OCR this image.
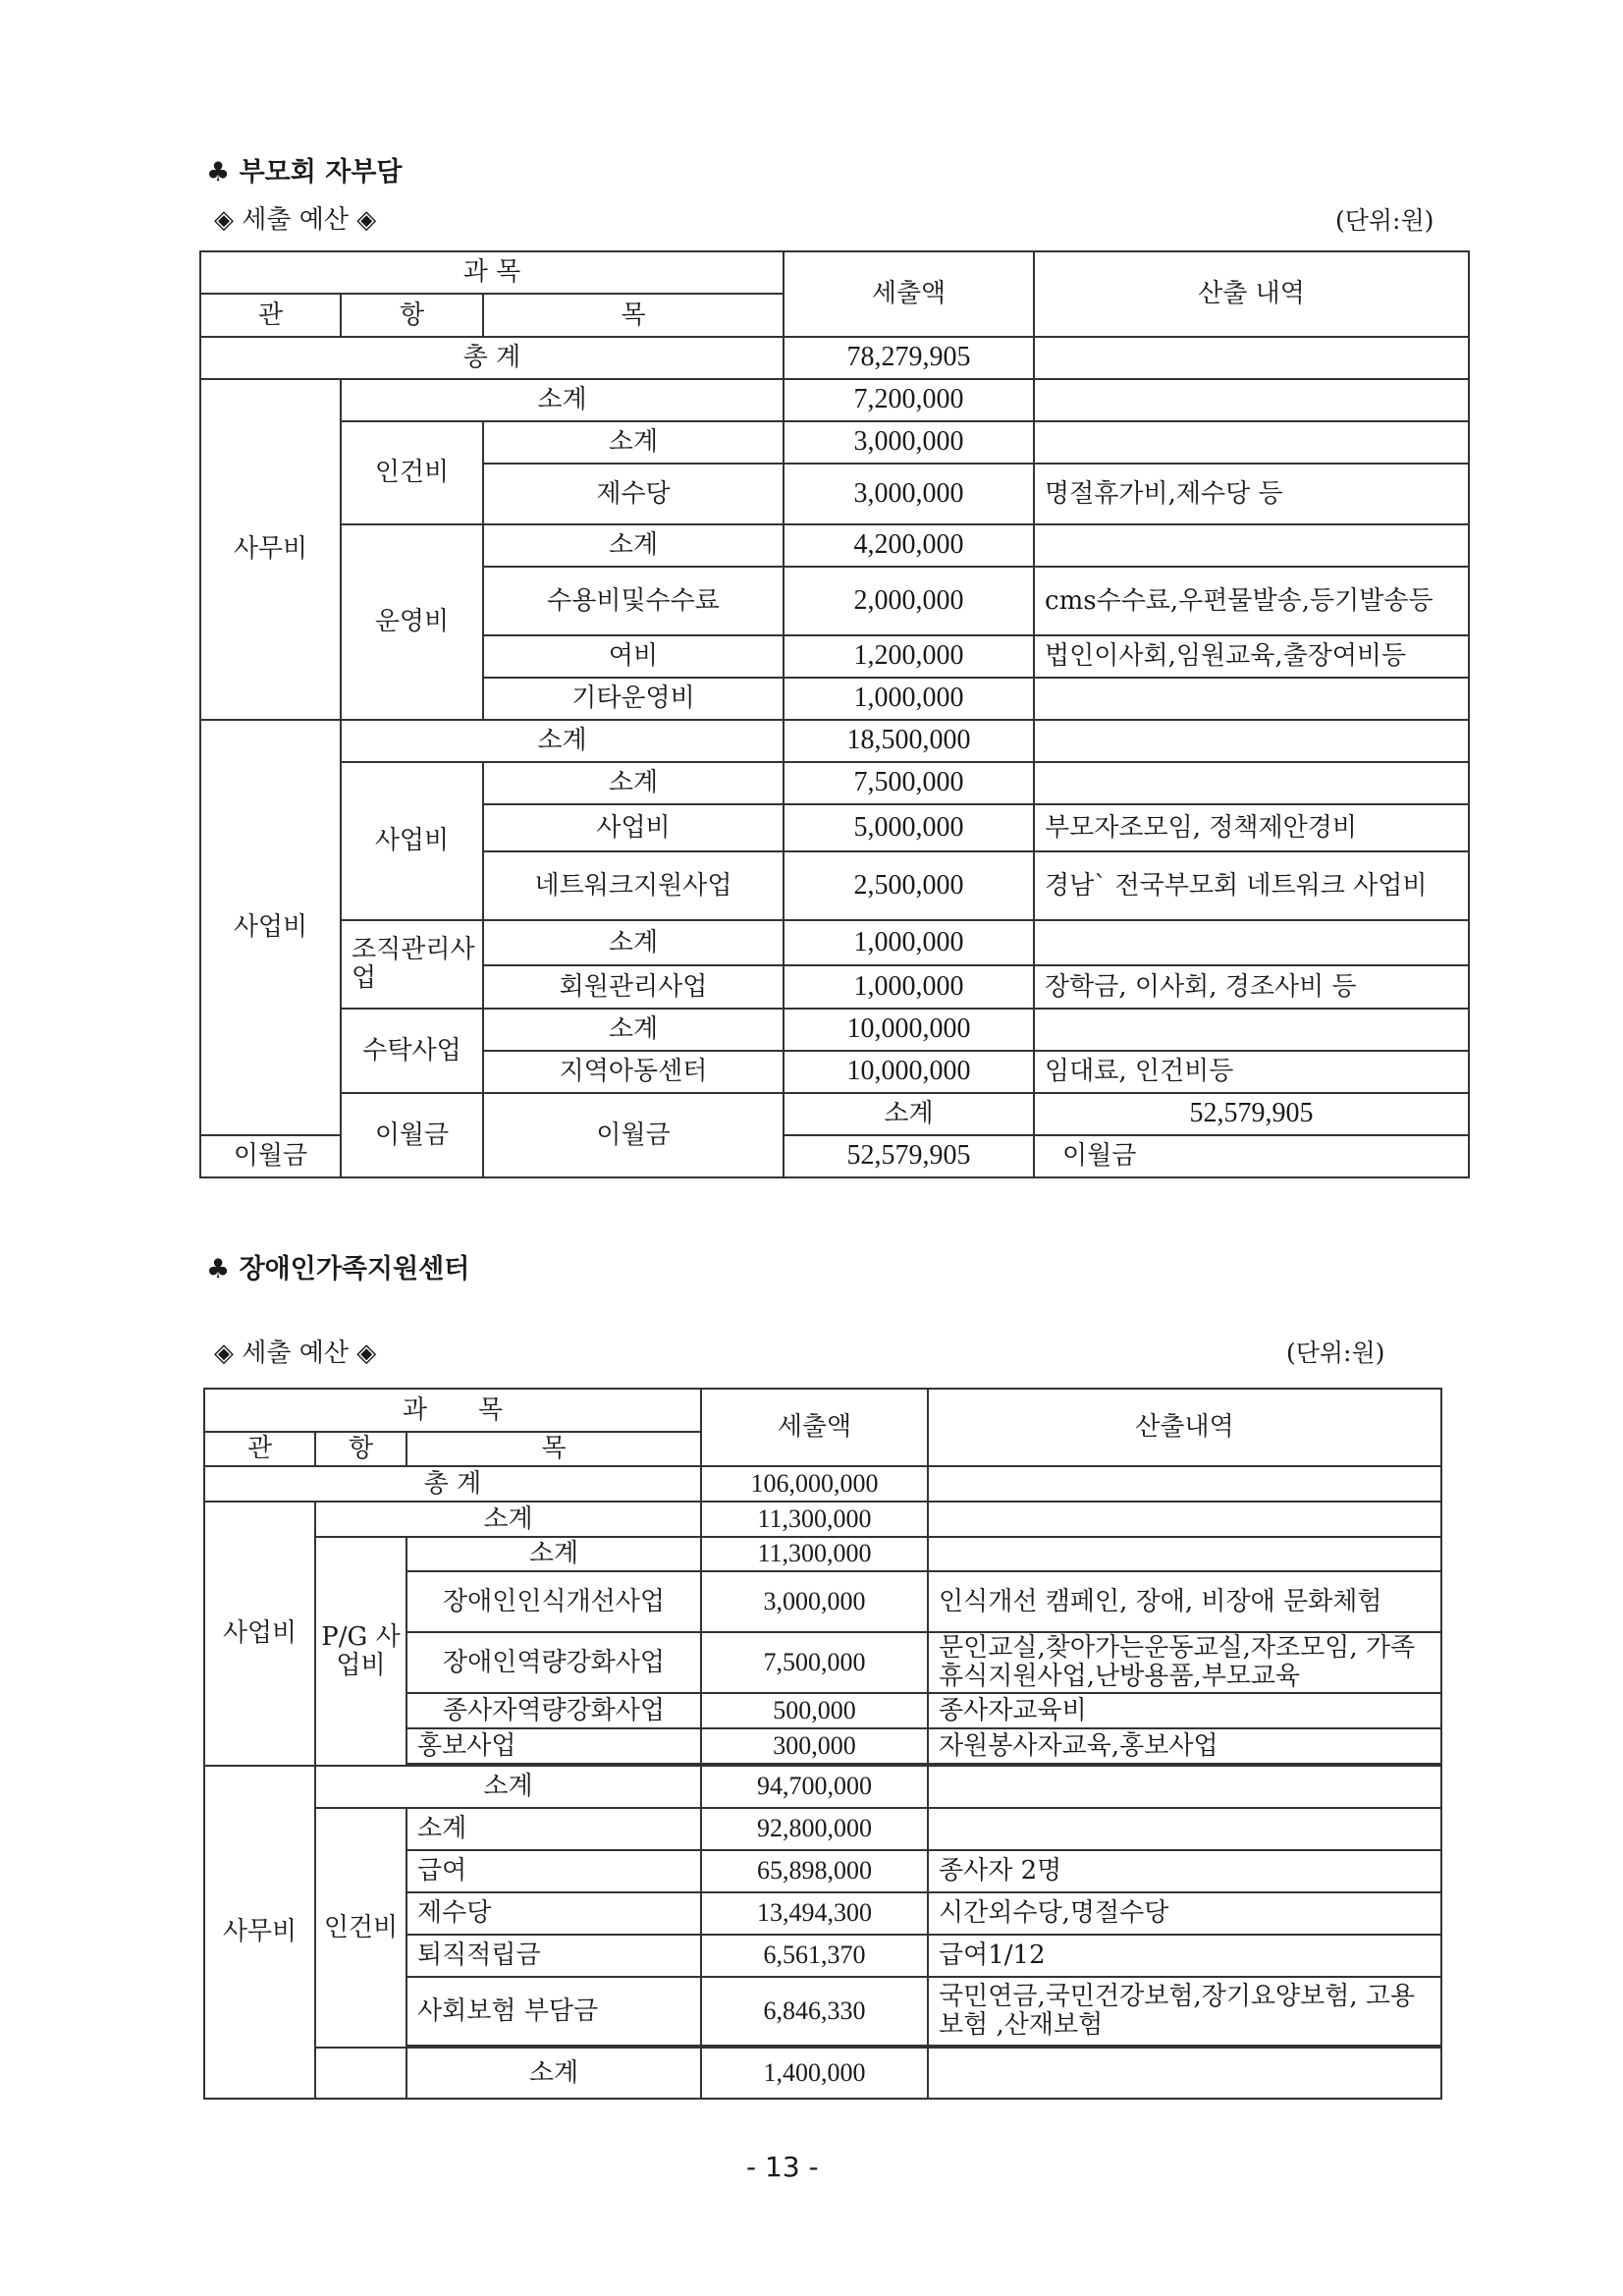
♣ 부모회 자부담
◈ 세출 예산 ◈	(단위:원)
과 목			세출액	산출 내역	
관	항	목			
총 계			78,279,905		
사무비	소계		7,200,000		
	인건비	소계	3,000,000		
		제수당	3,000,000	명절휴가비,제수당 등	
	운영비	소계	4,200,000		
		수용비및수수료	2,000,000	cms수수료,우편물발송,등기발송등	
		여비	1,200,000	법인이사회,임원교육,출장여비등	
		기타운영비	1,000,000		
사업비	소계		18,500,000		
	사업비	소계	7,500,000		
		사업비	5,000,000	부모자조모임, 정책제안경비	
		네트워크지원사업	2,500,000	경남` 전국부모회 네트워크 사업비	
	조직관리사업	소계	1,000,000		
		회원관리사업	1,000,000	장학금, 이사회, 경조사비 등	
	수탁사업	소계	10,000,000		
		지역아동센터	10,000,000	임대료, 인건비등	
	이월금	이월금	소계	52,579,905	
이월금			52,579,905	이월금	
♣ 장애인가족지원센터
◈ 세출 예산 ◈	(단위:원)
과　　목			세출액	산출내역
관	항	목		
총 계			106,000,000	
사업비	소계		11,300,000	
	P/G 사업비	소계	11,300,000	
		장애인인식개선사업	3,000,000	인식개선 캠페인, 장애, 비장애 문화체험
		장애인역량강화사업	7,500,000	문인교실,찾아가는운동교실,자조모임, 가족휴식지원사업,난방용품,부모교육
		종사자역량강화사업	500,000	종사자교육비
		홍보사업	300,000	자원봉사자교육,홍보사업

사무비	소계		94,700,000	
	인건비	소계	92,800,000	
		급여	65,898,000	종사자 2명
		제수당	13,494,300	시간외수당,명절수당
		퇴직적립금	6,561,370	급여1/12
		사회보험 부담금	6,846,330	국민연금,국민건강보험,장기요양보험, 고용보험 ,산재보험

		소계	1,400,000	
- 13 -
